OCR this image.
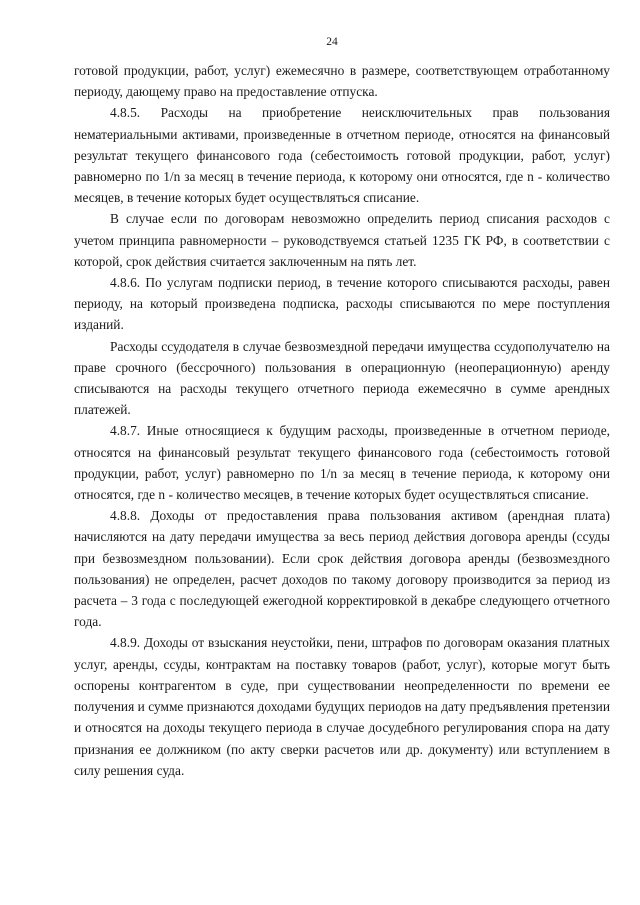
24

готовой продукции, работ, услуг) ежемесячно в размере, соответствующем отработанному периоду, дающему право на предоставление отпуска.

4.8.5. Расходы на приобретение неисключительных прав пользования нематериальными активами, произведенные в отчетном периоде, относятся на финансовый результат текущего финансового года (себестоимость готовой продукции, работ, услуг) равномерно по 1/n за месяц в течение периода, к которому они относятся, где n - количество месяцев, в течение которых будет осуществляться списание.

В случае если по договорам невозможно определить период списания расходов с учетом принципа равномерности – руководствуемся статьей 1235 ГК РФ, в соответствии с которой, срок действия считается заключенным на пять лет.

4.8.6. По услугам подписки период, в течение которого списываются расходы, равен периоду, на который произведена подписка, расходы списываются по мере поступления изданий.

Расходы ссудодателя в случае безвозмездной передачи имущества ссудополучателю на праве срочного (бессрочного) пользования в операционную (неоперационную) аренду списываются на расходы текущего отчетного периода ежемесячно в сумме арендных платежей.

4.8.7. Иные относящиеся к будущим расходы, произведенные в отчетном периоде, относятся на финансовый результат текущего финансового года (себестоимость готовой продукции, работ, услуг) равномерно по 1/n за месяц в течение периода, к которому они относятся, где n - количество месяцев, в течение которых будет осуществляться списание.

4.8.8. Доходы от предоставления права пользования активом (арендная плата) начисляются на дату передачи имущества за весь период действия договора аренды (ссуды при безвозмездном пользовании). Если срок действия договора аренды (безвозмездного пользования) не определен, расчет доходов по такому договору производится за период из расчета – 3 года с последующей ежегодной корректировкой в декабре следующего отчетного года.

4.8.9. Доходы от взыскания неустойки, пени, штрафов по договорам оказания платных услуг, аренды, ссуды, контрактам на поставку товаров (работ, услуг), которые могут быть оспорены контрагентом в суде, при существовании неопределенности по времени ее получения и сумме признаются доходами будущих периодов на дату предъявления претензии и относятся на доходы текущего периода в случае досудебного регулирования спора на дату признания ее должником (по акту сверки расчетов или др. документу) или вступлением в силу решения суда.
